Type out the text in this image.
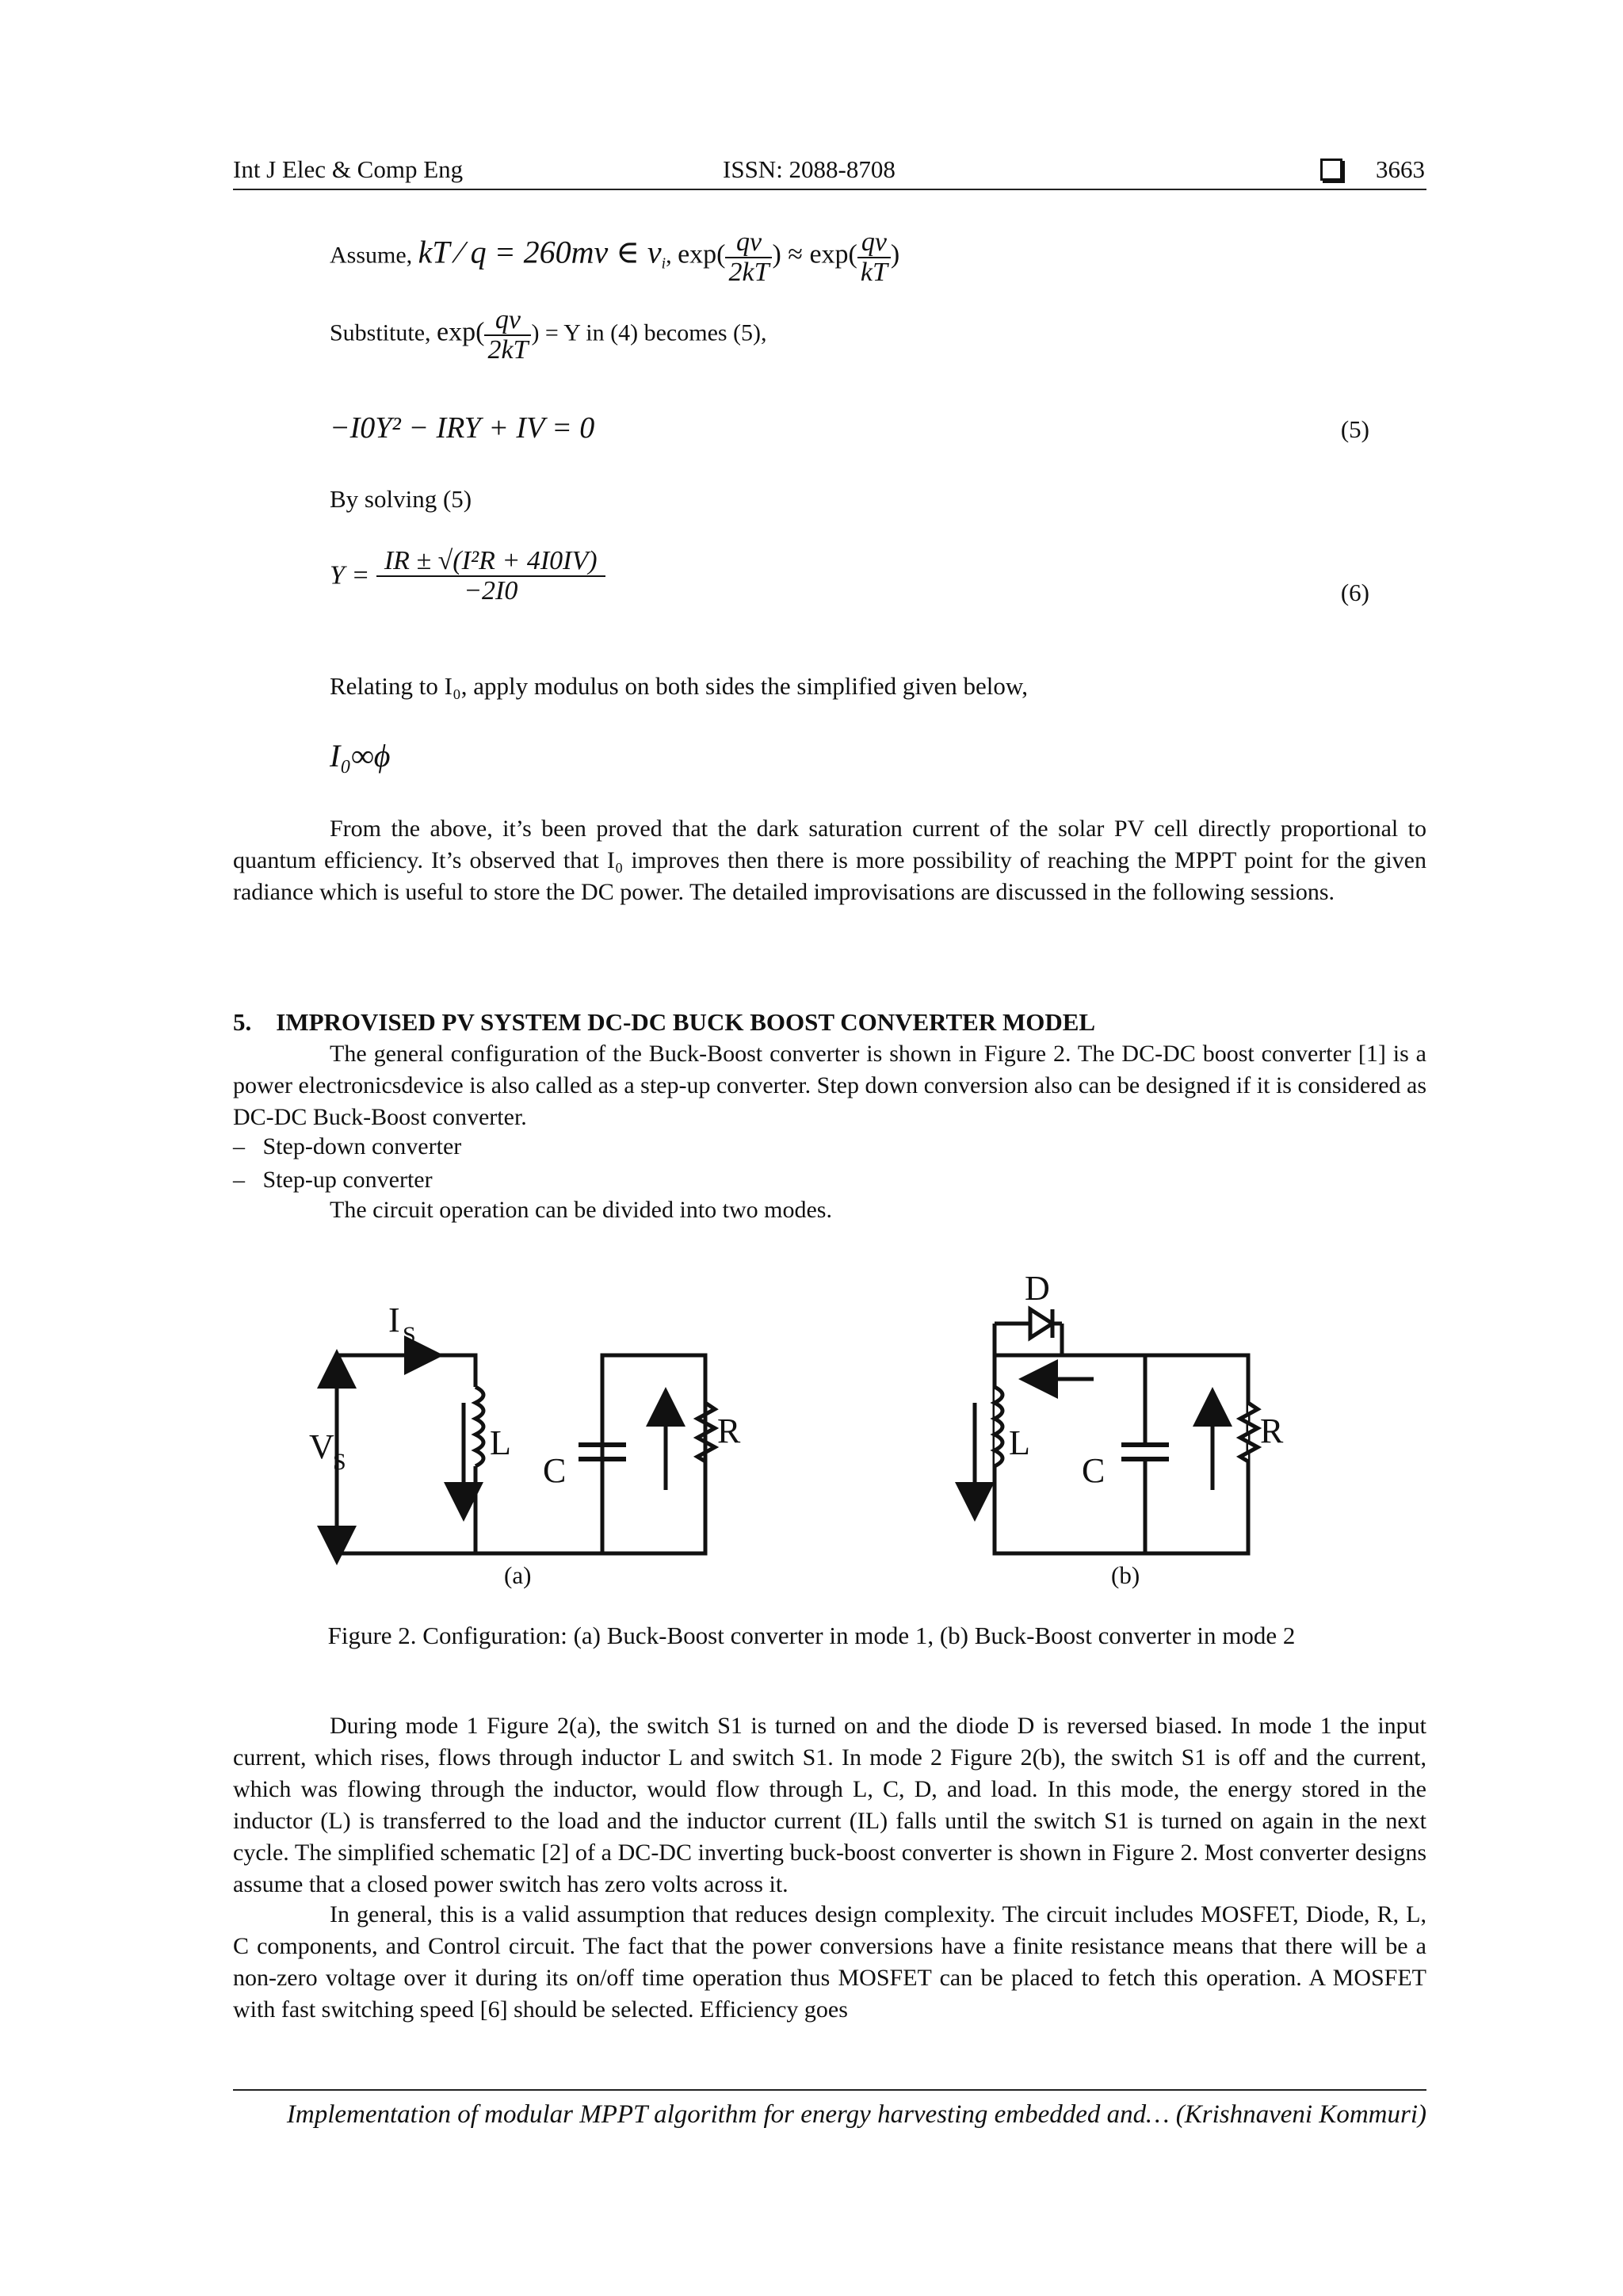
Int J Elec & Comp Eng	ISSN: 2088-8708	3663
Assume, kT ⁄ q = 260mv ∈ $v_i$, $\exp( \frac{qv}{2kT}$ ) ≈ $\exp( \frac{qv}{kT}$ )
Substitute, $\exp( \frac{qv}{2kT}$ ) = Y in (4) becomes (5),
−I0Y² − IRY + IV = 0	(5)
By solving (5)
$Y = \frac{\text{IR ± √(I²R + 4I0IV)}}{-2I0}$	(6)
Relating to I₀, apply modulus on both sides the simplified given below,
I₀∞ϕ

From the above, it’s been proved that the dark saturation current of the solar PV cell directly proportional to quantum efficiency. It’s observed that I₀ improves then there is more possibility of reaching the MPPT point for the given radiance which is useful to store the DC power. The detailed improvisations are discussed in the following sessions.

5.    IMPROVISED PV SYSTEM DC-DC BUCK BOOST CONVERTER MODEL

The general configuration of the Buck-Boost converter is shown in Figure 2. The DC-DC boost converter [1] is a power electronicsdevice is also called as a step-up converter. Step down conversion also can be designed if it is considered as DC-DC Buck-Boost converter.

–   Step-down converter
–   Step-up converter
The circuit operation can be divided into two modes.
I S
V
S	L
C
R
D
L
C
R
(a)	(b)
Figure 2. Configuration: (a) Buck-Boost converter in mode 1, (b) Buck-Boost converter in mode 2

During mode 1 Figure 2(a), the switch S1 is turned on and the diode D is reversed biased. In mode 1 the input current, which rises, flows through inductor L and switch S1. In mode 2 Figure 2(b), the switch S1 is off and the current, which was flowing through the inductor, would flow through L, C, D, and load. In this mode, the energy stored in the inductor (L) is transferred to the load and the inductor current (IL) falls until the switch S1 is turned on again in the next cycle. The simplified schematic [2] of a DC-DC inverting buck-boost converter is shown in Figure 2. Most converter designs assume that a closed power switch has zero volts across it.

In general, this is a valid assumption that reduces design complexity. The circuit includes MOSFET, Diode, R, L, C components, and Control circuit. The fact that the power conversions have a finite resistance means that there will be a non-zero voltage over it during its on/off time operation thus MOSFET can be placed to fetch this operation. A MOSFET with fast switching speed [6] should be selected. Efficiency goes

Implementation of modular MPPT algorithm for energy harvesting embedded and… (Krishnaveni Kommuri)
